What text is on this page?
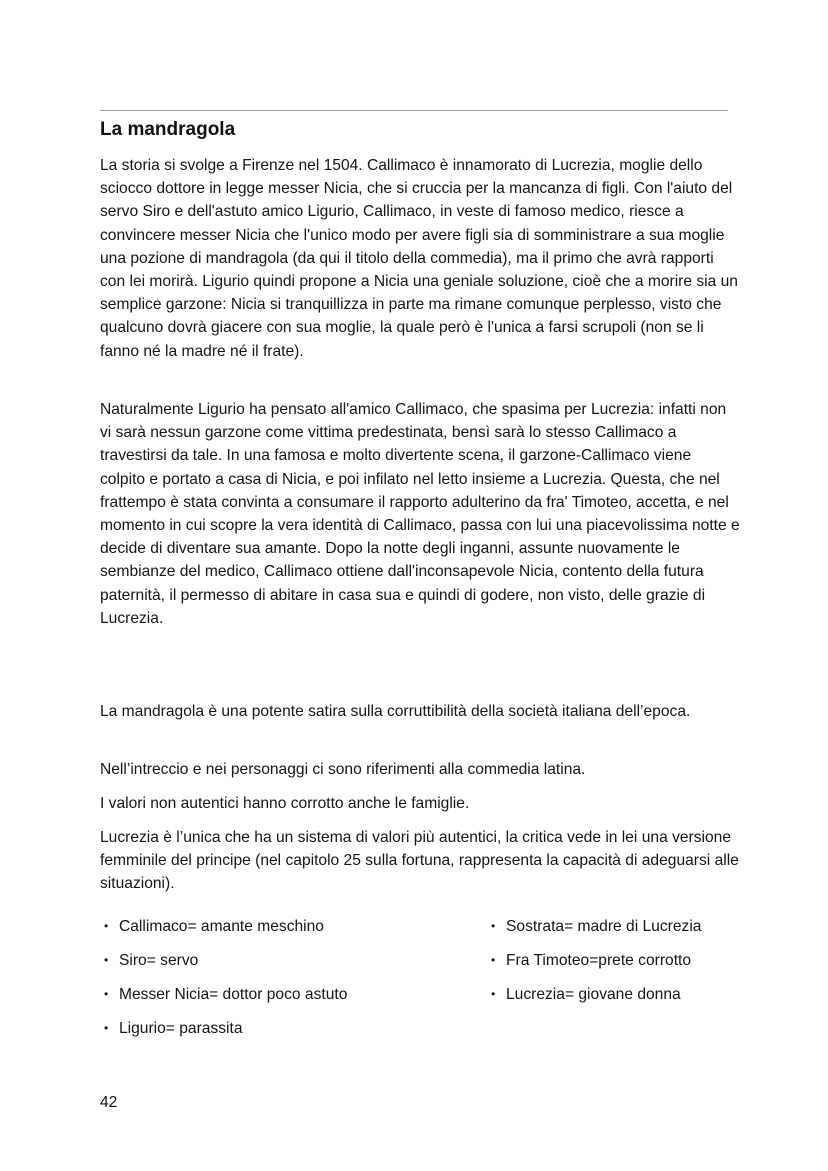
La mandragola

La storia si svolge a Firenze nel 1504. Callimaco è innamorato di Lucrezia, moglie dello sciocco dottore in legge messer Nicia, che si cruccia per la mancanza di figli. Con l'aiuto del servo Siro e dell'astuto amico Ligurio, Callimaco, in veste di famoso medico, riesce a convincere messer Nicia che l'unico modo per avere figli sia di somministrare a sua moglie una pozione di mandragola (da qui il titolo della commedia), ma il primo che avrà rapporti con lei morirà. Ligurio quindi propone a Nicia una geniale soluzione, cioè che a morire sia un semplice garzone: Nicia si tranquillizza in parte ma rimane comunque perplesso, visto che qualcuno dovrà giacere con sua moglie, la quale però è l'unica a farsi scrupoli (non se li fanno né la madre né il frate).

Naturalmente Ligurio ha pensato all'amico Callimaco, che spasima per Lucrezia: infatti non vi sarà nessun garzone come vittima predestinata, bensì sarà lo stesso Callimaco a travestirsi da tale. In una famosa e molto divertente scena, il garzone-Callimaco viene colpito e portato a casa di Nicia, e poi infilato nel letto insieme a Lucrezia. Questa, che nel frattempo è stata convinta a consumare il rapporto adulterino da fra' Timoteo, accetta, e nel momento in cui scopre la vera identità di Callimaco, passa con lui una piacevolissima notte e decide di diventare sua amante. Dopo la notte degli inganni, assunte nuovamente le sembianze del medico, Callimaco ottiene dall'inconsapevole Nicia, contento della futura paternità, il permesso di abitare in casa sua e quindi di godere, non visto, delle grazie di Lucrezia.

La mandragola è una potente satira sulla corruttibilità della società italiana dell’epoca.

Nell’intreccio e nei personaggi ci sono riferimenti alla commedia latina.

I valori non autentici hanno corrotto anche le famiglie.

Lucrezia è l’unica che ha un sistema di valori più autentici, la critica vede in lei una versione femminile del principe (nel capitolo 25 sulla fortuna, rappresenta la capacità di adeguarsi alle situazioni).

• Callimaco= amante meschino
• Siro= servo
• Messer Nicia= dottor poco astuto
• Ligurio= parassita
• Sostrata= madre di Lucrezia
• Fra Timoteo=prete corrotto
• Lucrezia= giovane donna
42
